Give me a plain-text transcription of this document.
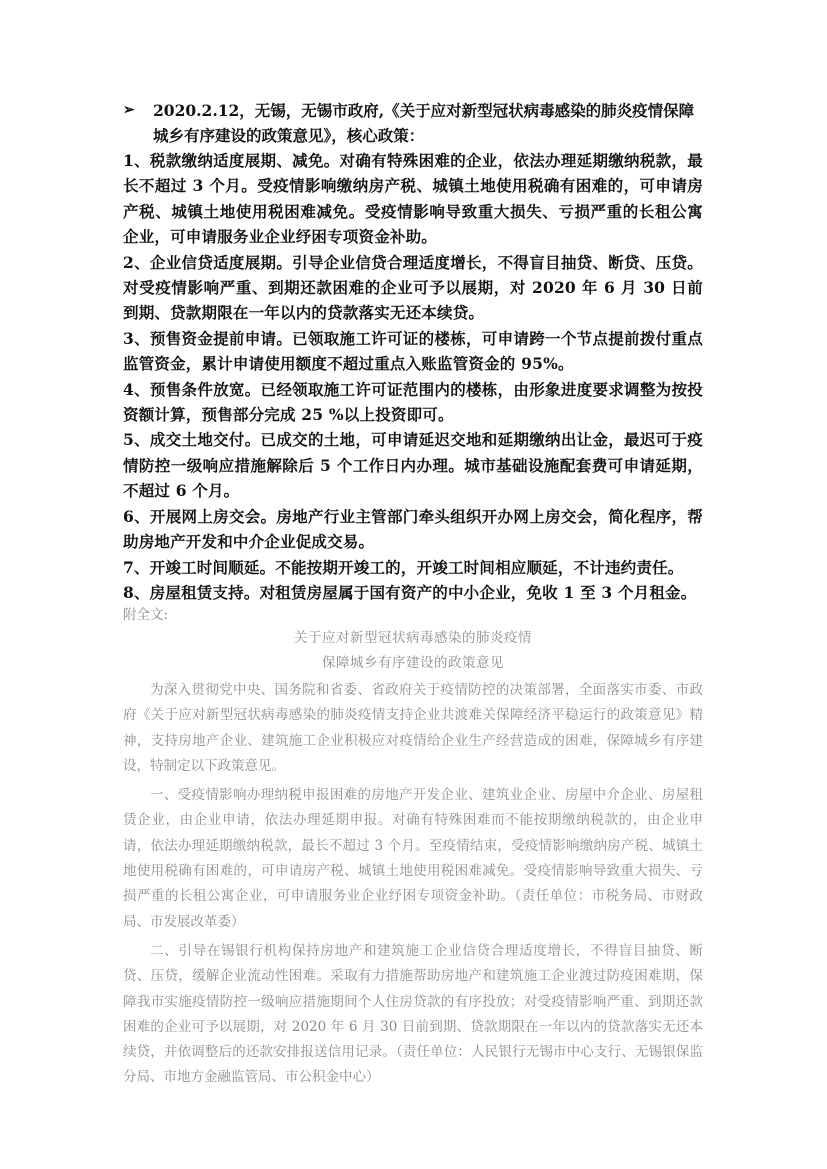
➢ 2020.2.12，无锡，无锡市政府,《关于应对新型冠状病毒感染的肺炎疫情保障城乡有序建设的政策意见》，核心政策：

1、税款缴纳适度展期、减免。对确有特殊困难的企业，依法办理延期缴纳税款，最长不超过 3 个月。受疫情影响缴纳房产税、城镇土地使用税确有困难的，可申请房产税、城镇土地使用税困难减免。受疫情影响导致重大损失、亏损严重的长租公寓企业，可申请服务业企业纾困专项资金补助。

2、企业信贷适度展期。引导企业信贷合理适度增长，不得盲目抽贷、断贷、压贷。对受疫情影响严重、到期还款困难的企业可予以展期，对 2020 年 6 月 30 日前到期、贷款期限在一年以内的贷款落实无还本续贷。

3、预售资金提前申请。已领取施工许可证的楼栋，可申请跨一个节点提前拨付重点监管资金，累计申请使用额度不超过重点入账监管资金的 95%。

4、预售条件放宽。已经领取施工许可证范围内的楼栋，由形象进度要求调整为按投资额计算，预售部分完成 25 %以上投资即可。

5、成交土地交付。已成交的土地，可申请延迟交地和延期缴纳出让金，最迟可于疫情防控一级响应措施解除后 5 个工作日内办理。城市基础设施配套费可申请延期，不超过 6 个月。

6、开展网上房交会。房地产行业主管部门牵头组织开办网上房交会，简化程序，帮助房地产开发和中介企业促成交易。

7、开竣工时间顺延。不能按期开竣工的，开竣工时间相应顺延，不计违约责任。

8、房屋租赁支持。对租赁房屋属于国有资产的中小企业，免收 1 至 3 个月租金。

附全文:
关于应对新型冠状病毒感染的肺炎疫情
保障城乡有序建设的政策意见

为深入贯彻党中央、国务院和省委、省政府关于疫情防控的决策部署，全面落实市委、市政府《关于应对新型冠状病毒感染的肺炎疫情支持企业共渡难关保障经济平稳运行的政策意见》精神，支持房地产企业、建筑施工企业积极应对疫情给企业生产经营造成的困难，保障城乡有序建设，特制定以下政策意见。

一、受疫情影响办理纳税申报困难的房地产开发企业、建筑业企业、房屋中介企业、房屋租赁企业，由企业申请，依法办理延期申报。对确有特殊困难而不能按期缴纳税款的，由企业申请，依法办理延期缴纳税款，最长不超过 3 个月。至疫情结束，受疫情影响缴纳房产税、城镇土地使用税确有困难的，可申请房产税、城镇土地使用税困难减免。受疫情影响导致重大损失、亏损严重的长租公寓企业，可申请服务业企业纾困专项资金补助。（责任单位：市税务局、市财政局、市发展改革委）

二、引导在锡银行机构保持房地产和建筑施工企业信贷合理适度增长，不得盲目抽贷、断贷、压贷，缓解企业流动性困难。采取有力措施帮助房地产和建筑施工企业渡过防疫困难期，保障我市实施疫情防控一级响应措施期间个人住房贷款的有序投放；对受疫情影响严重、到期还款困难的企业可予以展期，对 2020 年 6 月 30 日前到期、贷款期限在一年以内的贷款落实无还本续贷，并依调整后的还款安排报送信用记录。（责任单位：人民银行无锡市中心支行、无锡银保监分局、市地方金融监管局、市公积金中心）
